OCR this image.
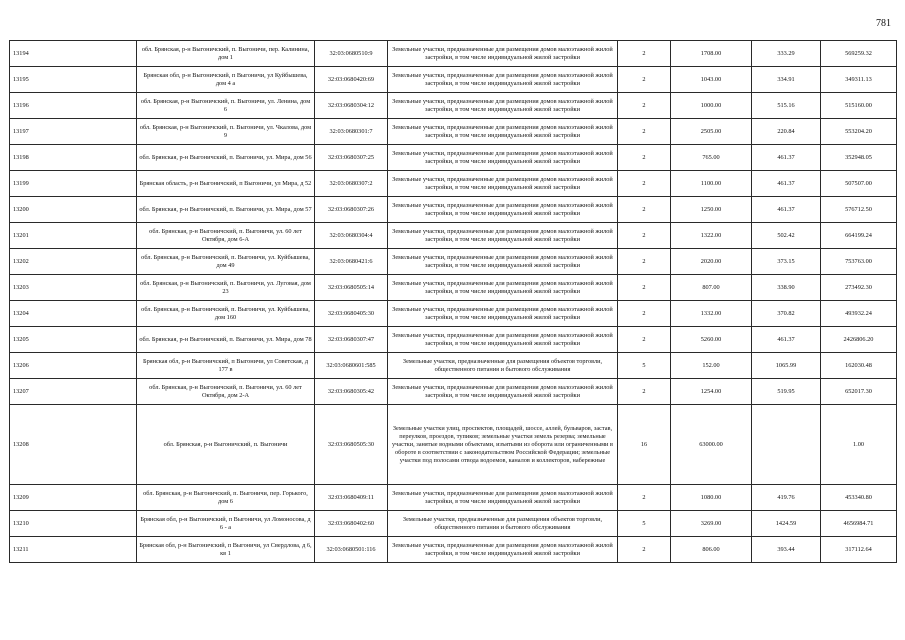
781
13194	обл. Брянская, р-н Выгоничский, п. Выгоничи, пер. Калинина, дом 1	32:03:0680510:9	Земельные участки, предназначенные для размещения домов малоэтажной жилой застройки, в том числе индивидуальной жилой застройки	2	1708.00	333.29	569259.32
13195	Брянская обл, р-н Выгоничский, п Выгоничи, ул Куйбышева, дом 4 а	32:03:0680420:69	Земельные участки, предназначенные для размещения домов малоэтажной жилой застройки, в том числе индивидуальной жилой застройки	2	1043.00	334.91	349311.13
13196	обл. Брянская, р-н Выгоничский, п. Выгоничи, ул. Ленина, дом 6	32:03:0680304:12	Земельные участки, предназначенные для размещения домов малоэтажной жилой застройки, в том числе индивидуальной жилой застройки	2	1000.00	515.16	515160.00
13197	обл. Брянская, р-н Выгоничский, п. Выгоничи, ул. Чкалова, дом 9	32:03:0680301:7	Земельные участки, предназначенные для размещения домов малоэтажной жилой застройки, в том числе индивидуальной жилой застройки	2	2505.00	220.84	553204.20
13198	обл. Брянская, р-н Выгоничский, п. Выгоничи, ул. Мира, дом 56	32:03:0680307:25	Земельные участки, предназначенные для размещения домов малоэтажной жилой застройки, в том числе индивидуальной жилой застройки	2	765.00	461.37	352948.05
13199	Брянская область, р-н Выгоничский, п Выгоничи, ул Мира, д 52	32:03:0680307:2	Земельные участки, предназначенные для размещения домов малоэтажной жилой застройки, в том числе индивидуальной жилой застройки	2	1100.00	461.37	507507.00
13200	обл. Брянская, р-н Выгоничский, п. Выгоничи, ул. Мира, дом 57	32:03:0680307:26	Земельные участки, предназначенные для размещения домов малоэтажной жилой застройки, в том числе индивидуальной жилой застройки	2	1250.00	461.37	576712.50
13201	обл. Брянская, р-н Выгоничский, п. Выгоничи, ул. 60 лет Октября, дом 6-А	32:03:0680304:4	Земельные участки, предназначенные для размещения домов малоэтажной жилой застройки, в том числе индивидуальной жилой застройки	2	1322.00	502.42	664199.24
13202	обл. Брянская, р-н Выгоничский, п. Выгоничи, ул. Куйбышева, дом 49	32:03:0680421:6	Земельные участки, предназначенные для размещения домов малоэтажной жилой застройки, в том числе индивидуальной жилой застройки	2	2020.00	373.15	753763.00
13203	обл. Брянская, р-н Выгоничский, п. Выгоничи, ул. Луговая, дом 23	32:03:0680505:14	Земельные участки, предназначенные для размещения домов малоэтажной жилой застройки, в том числе индивидуальной жилой застройки	2	807.00	338.90	273492.30
13204	обл. Брянская, р-н Выгоничский, п. Выгоничи, ул. Куйбышева, дом 160	32:03:0680405:30	Земельные участки, предназначенные для размещения домов малоэтажной жилой застройки, в том числе индивидуальной жилой застройки	2	1332.00	370.82	493932.24
13205	обл. Брянская, р-н Выгоничский, п. Выгоничи, ул. Мира, дом 78	32:03:0680307:47	Земельные участки, предназначенные для размещения домов малоэтажной жилой застройки, в том числе индивидуальной жилой застройки	2	5260.00	461.37	2426806.20
13206	Брянская обл, р-н Выгоничский, п Выгоничи, ул Советская, д 177 в	32:03:0680601:585	Земельные участки, предназначенные для размещения объектов торговли, общественного питания и бытового обслуживания	5	152.00	1065.99	162030.48
13207	обл. Брянская, р-н Выгоничский, п. Выгоничи, ул. 60 лет Октября, дом 2-А	32:03:0680305:42	Земельные участки, предназначенные для размещения домов малоэтажной жилой застройки, в том числе индивидуальной жилой застройки	2	1254.00	519.95	652017.30
13208	обл. Брянская, р-н Выгоничский, п. Выгоничи	32:03:0680505:30	Земельные участки улиц, проспектов, площадей, шоссе, аллей, бульваров, застав, переулков, проездов, тупиков; земельные участки земель резерва; земельные участки, занятые водными объектами, изъятыми из оборота или ограниченными в обороте в соответствии с законодательством Российской Федерации; земельные участки под полосами отвода водоемов, каналов и коллекторов, набережные	16	63000.00		1.00
13209	обл. Брянская, р-н Выгоничский, п. Выгоничи, пер. Горького, дом 6	32:03:0680409:11	Земельные участки, предназначенные для размещения домов малоэтажной жилой застройки, в том числе индивидуальной жилой застройки	2	1080.00	419.76	453340.80
13210	Брянская обл, р-н Выгоничский, п Выгоничи, ул Ломоносова, д 6 - а	32:03:0680402:60	Земельные участки, предназначенные для размещения объектов торговли, общественного питания и бытового обслуживания	5	3269.00	1424.59	4656984.71
13211	Брянская обл, р-н Выгоничский, п Выгоничи, ул Свердлова, д 6, кв 1	32:03:0680501:116	Земельные участки, предназначенные для размещения домов малоэтажной жилой застройки, в том числе индивидуальной жилой застройки	2	806.00	393.44	317112.64
